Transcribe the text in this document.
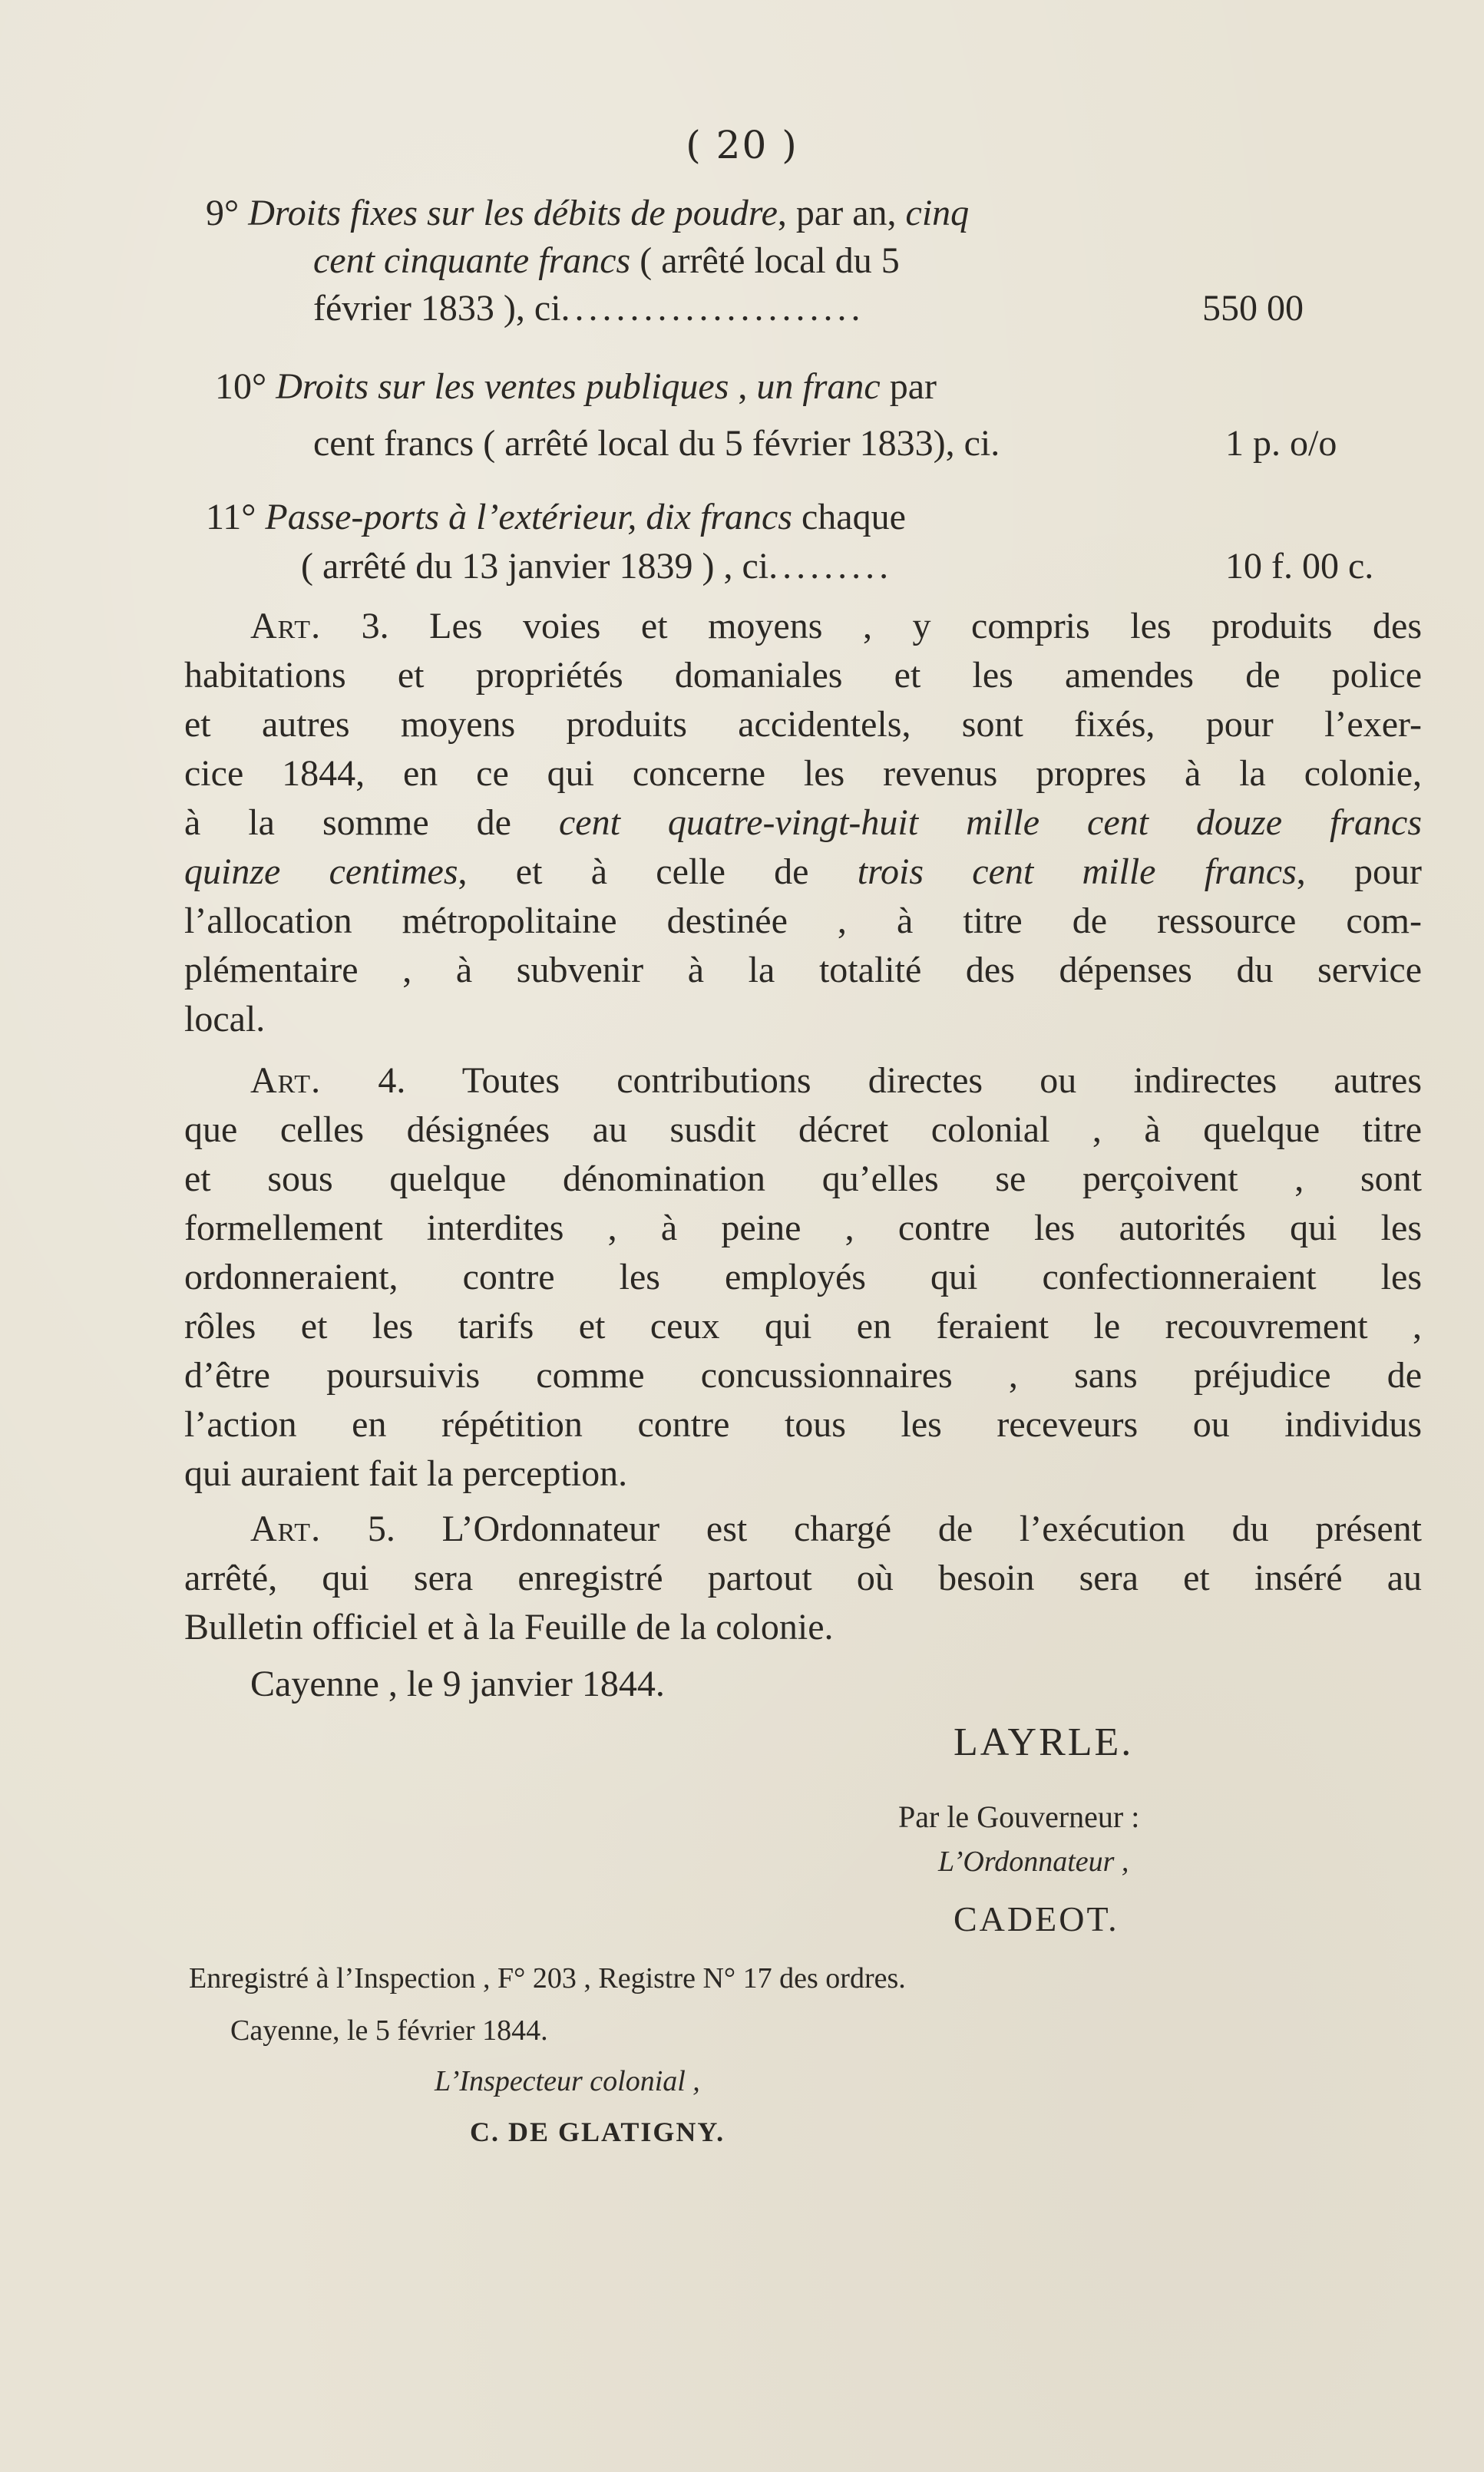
( 20 )
9° Droits fixes sur les débits de poudre, par an, cinq
cent cinquante francs ( arrêté local du 5
février 1833 ), ci......................	550 00
10° Droits sur les ventes publiques , un franc par
cent francs ( arrêté local du 5 février 1833), ci.	1 p. o/o
11° Passe-ports à l’extérieur, dix francs chaque
( arrêté du 13 janvier 1839 ) , ci.........	10 f. 00 c.
Art. 3. Les voies et moyens , y compris les produits des
habitations et propriétés domaniales et les amendes de police
et autres moyens produits accidentels, sont fixés, pour l’exer-
cice 1844, en ce qui concerne les revenus propres à la colonie,
à la somme de cent quatre-vingt-huit mille cent douze francs
quinze centimes, et à celle de trois cent mille francs, pour
l’allocation métropolitaine destinée , à titre de ressource com-
plémentaire , à subvenir à la totalité des dépenses du service
local.
Art. 4. Toutes contributions directes ou indirectes autres
que celles désignées au susdit décret colonial , à quelque titre
et sous quelque dénomination qu’elles se perçoivent , sont
formellement interdites , à peine , contre les autorités qui les
ordonneraient, contre les employés qui confectionneraient les
rôles et les tarifs et ceux qui en feraient le recouvrement ,
d’être poursuivis comme concussionnaires , sans préjudice de
l’action en répétition contre tous les receveurs ou individus
qui auraient fait la perception.
Art. 5. L’Ordonnateur est chargé de l’exécution du présent
arrêté, qui sera enregistré partout où besoin sera et inséré au
Bulletin officiel et à la Feuille de la colonie.
Cayenne , le 9 janvier 1844.
LAYRLE.
Par le Gouverneur :
L’Ordonnateur ,
CADEOT.
Enregistré à l’Inspection , F° 203 , Registre N° 17 des ordres.
Cayenne, le 5 février 1844.
L’Inspecteur colonial ,
C. DE GLATIGNY.
